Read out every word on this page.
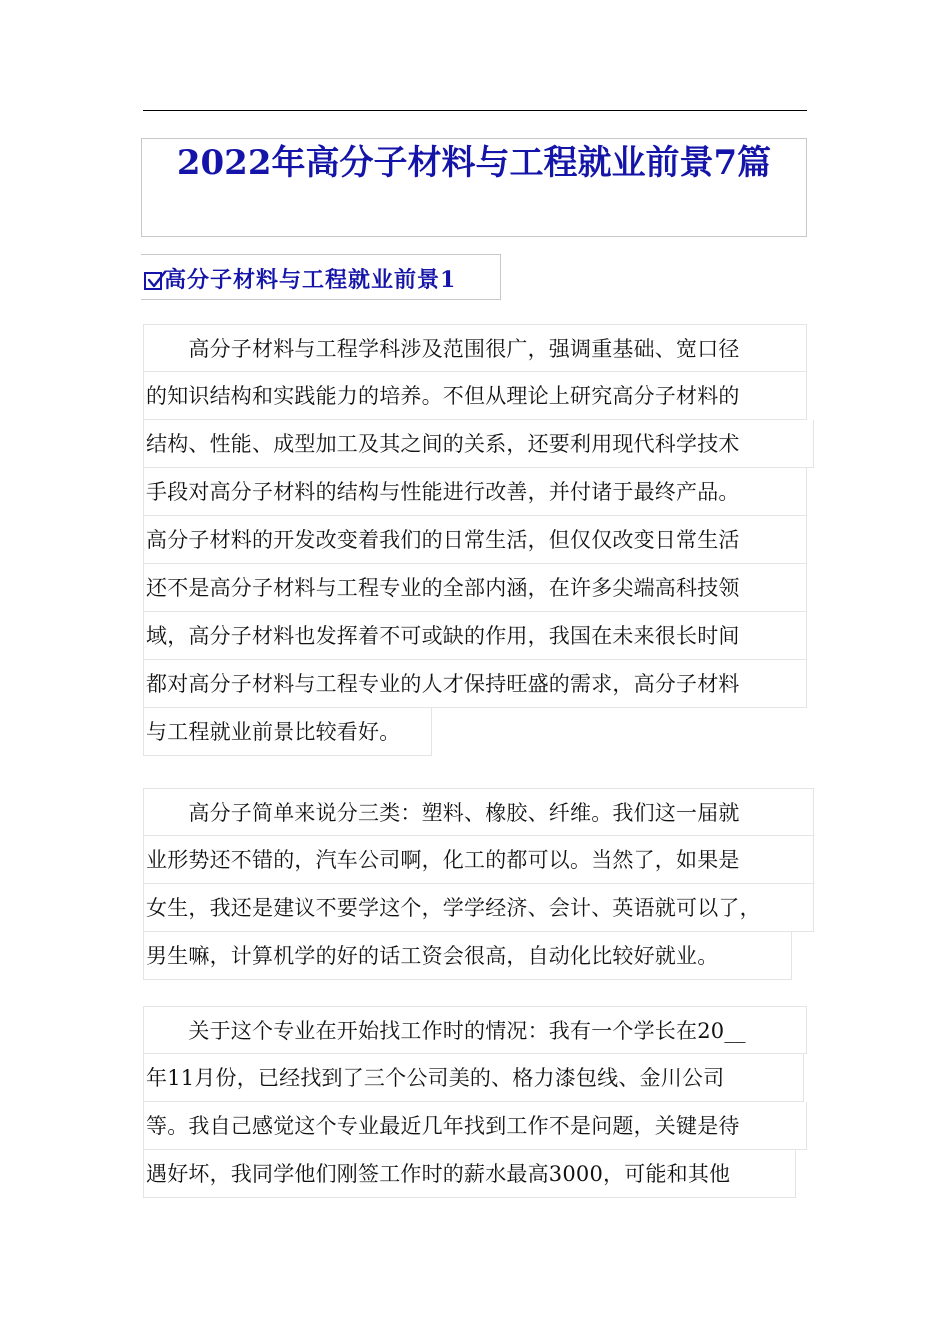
2022年高分子材料与工程就业前景7篇
高分子材料与工程就业前景1
　　高分子材料与工程学科涉及范围很广，强调重基础、宽口径
的知识结构和实践能力的培养。不但从理论上研究高分子材料的
结构、性能、成型加工及其之间的关系，还要利用现代科学技术
手段对高分子材料的结构与性能进行改善，并付诸于最终产品。
高分子材料的开发改变着我们的日常生活，但仅仅改变日常生活
还不是高分子材料与工程专业的全部内涵，在许多尖端高科技领
域，高分子材料也发挥着不可或缺的作用，我国在未来很长时间
都对高分子材料与工程专业的人才保持旺盛的需求，高分子材料
与工程就业前景比较看好。
　　高分子简单来说分三类：塑料、橡胶、纤维。我们这一届就
业形势还不错的，汽车公司啊，化工的都可以。当然了，如果是
女生，我还是建议不要学这个，学学经济、会计、英语就可以了，
男生嘛，计算机学的好的话工资会很高，自动化比较好就业。
　　关于这个专业在开始找工作时的情况：我有一个学长在20__
年11月份，已经找到了三个公司美的、格力漆包线、金川公司
等。我自己感觉这个专业最近几年找到工作不是问题，关键是待
遇好坏，我同学他们刚签工作时的薪水最高3000，可能和其他
